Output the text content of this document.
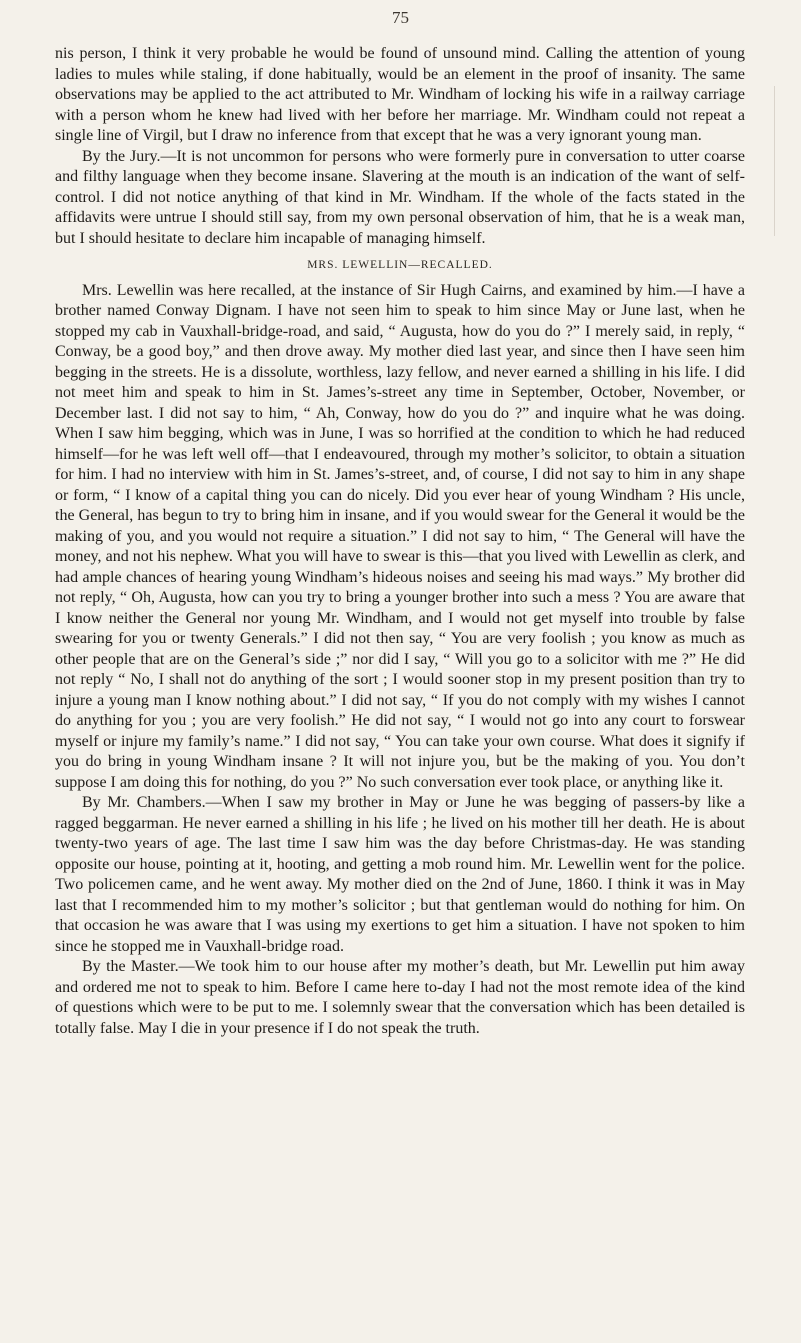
75

nis person, I think it very probable he would be found of unsound mind. Calling the attention of young ladies to mules while staling, if done habitually, would be an element in the proof of insanity. The same observations may be applied to the act attributed to Mr. Windham of locking his wife in a railway carriage with a person whom he knew had lived with her before her marriage. Mr. Windham could not repeat a single line of Virgil, but I draw no inference from that except that he was a very ignorant young man.

By the Jury.—It is not uncommon for persons who were formerly pure in conversation to utter coarse and filthy language when they become insane. Slavering at the mouth is an indication of the want of self-control. I did not notice anything of that kind in Mr. Windham. If the whole of the facts stated in the affidavits were untrue I should still say, from my own personal observation of him, that he is a weak man, but I should hesitate to declare him incapable of managing himself.

MRS. LEWELLIN—RECALLED.

Mrs. Lewellin was here recalled, at the instance of Sir Hugh Cairns, and examined by him.—I have a brother named Conway Dignam. I have not seen him to speak to him since May or June last, when he stopped my cab in Vauxhall-bridge-road, and said, “ Augusta, how do you do ?” I merely said, in reply, “ Conway, be a good boy,” and then drove away. My mother died last year, and since then I have seen him begging in the streets. He is a dissolute, worthless, lazy fellow, and never earned a shilling in his life. I did not meet him and speak to him in St. James’s-street any time in September, October, November, or December last. I did not say to him, “ Ah, Conway, how do you do ?” and inquire what he was doing. When I saw him begging, which was in June, I was so horrified at the condition to which he had reduced himself—for he was left well off—that I endeavoured, through my mother’s solicitor, to obtain a situation for him. I had no interview with him in St. James’s-street, and, of course, I did not say to him in any shape or form, “ I know of a capital thing you can do nicely. Did you ever hear of young Windham ? His uncle, the General, has begun to try to bring him in insane, and if you would swear for the General it would be the making of you, and you would not require a situation.” I did not say to him, “ The General will have the money, and not his nephew. What you will have to swear is this—that you lived with Lewellin as clerk, and had ample chances of hearing young Windham’s hideous noises and seeing his mad ways.” My brother did not reply, “ Oh, Augusta, how can you try to bring a younger brother into such a mess ? You are aware that I know neither the General nor young Mr. Windham, and I would not get myself into trouble by false swearing for you or twenty Generals.” I did not then say, “ You are very foolish ; you know as much as other people that are on the General’s side ;” nor did I say, “ Will you go to a solicitor with me ?” He did not reply “ No, I shall not do anything of the sort ; I would sooner stop in my present position than try to injure a young man I know nothing about.” I did not say, “ If you do not comply with my wishes I cannot do anything for you ; you are very foolish.” He did not say, “ I would not go into any court to forswear myself or injure my family’s name.” I did not say, “ You can take your own course. What does it signify if you do bring in young Windham insane ? It will not injure you, but be the making of you. You don’t suppose I am doing this for nothing, do you ?” No such conversation ever took place, or anything like it.

By Mr. Chambers.—When I saw my brother in May or June he was begging of passers-by like a ragged beggarman. He never earned a shilling in his life ; he lived on his mother till her death. He is about twenty-two years of age. The last time I saw him was the day before Christmas-day. He was standing opposite our house, pointing at it, hooting, and getting a mob round him. Mr. Lewellin went for the police. Two policemen came, and he went away. My mother died on the 2nd of June, 1860. I think it was in May last that I recommended him to my mother’s solicitor ; but that gentleman would do nothing for him. On that occasion he was aware that I was using my exertions to get him a situation. I have not spoken to him since he stopped me in Vauxhall-bridge road.

By the Master.—We took him to our house after my mother’s death, but Mr. Lewellin put him away and ordered me not to speak to him. Before I came here to-day I had not the most remote idea of the kind of questions which were to be put to me. I solemnly swear that the conversation which has been detailed is totally false. May I die in your presence if I do not speak the truth.
